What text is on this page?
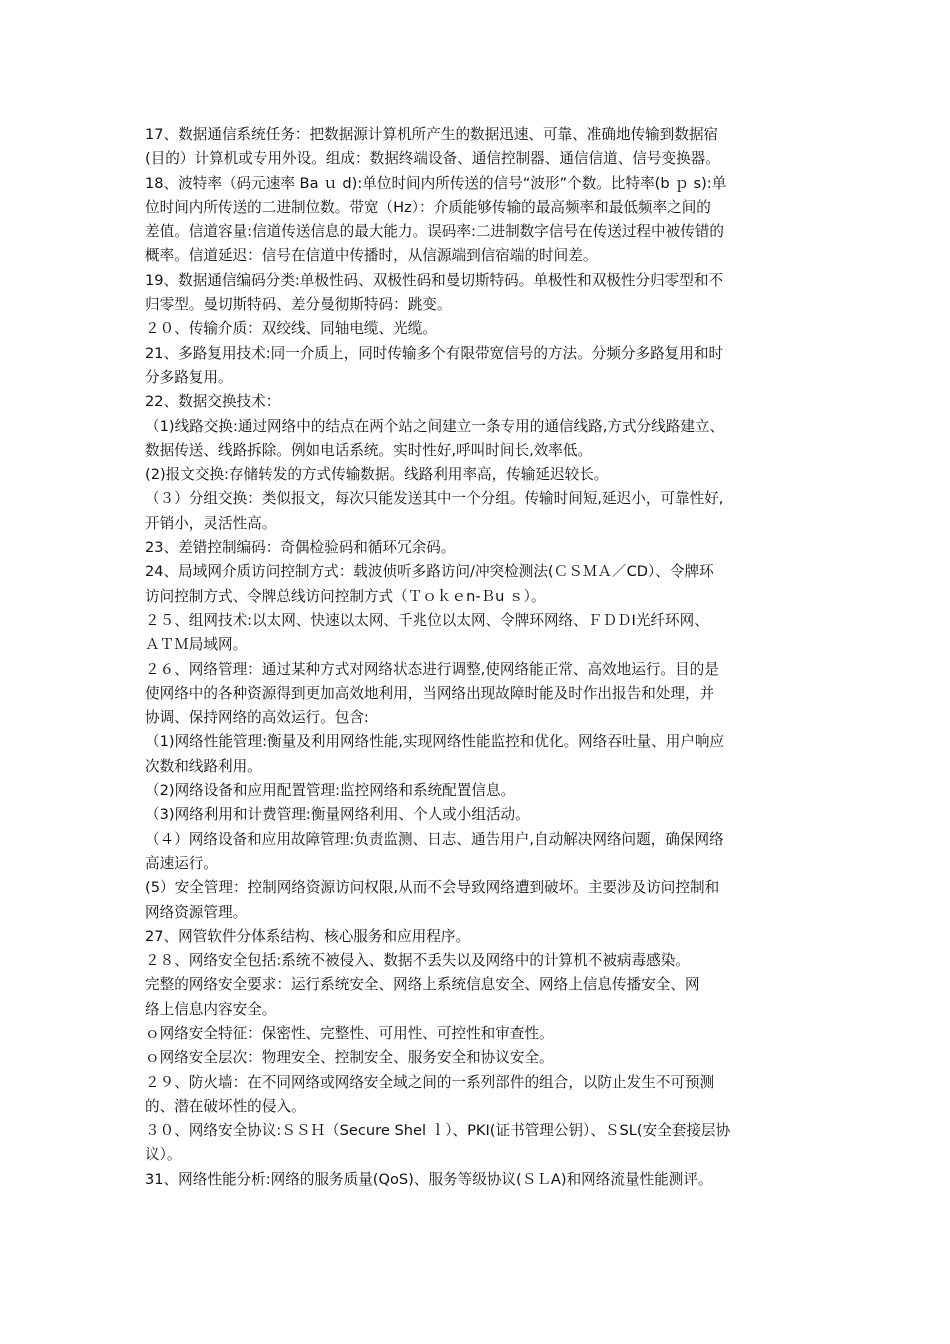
17、数据通信系统任务：把数据源计算机所产生的数据迅速、可靠、准确地传输到数据宿
(目的）计算机或专用外设。组成：数据终端设备、通信控制器、通信信道、信号变换器。
18、波特率（码元速率 Ba ｕ d):单位时间内所传送的信号“波形”个数。比特率(b ｐ s):单
位时间内所传送的二进制位数。带宽（Hz）：介质能够传输的最高频率和最低频率之间的
差值。信道容量:信道传送信息的最大能力。误码率:二进制数字信号在传送过程中被传错的
概率。信道延迟：信号在信道中传播时，从信源端到信宿端的时间差。
19、数据通信编码分类:单极性码、双极性码和曼切斯特码。单极性和双极性分归零型和不
归零型。曼切斯特码、差分曼彻斯特码：跳变。
２０、传输介质：双绞线、同轴电缆、光缆。
21、多路复用技术:同一介质上，同时传输多个有限带宽信号的方法。分频分多路复用和时
分多路复用。
22、数据交换技术：
（1)线路交换:通过网络中的结点在两个站之间建立一条专用的通信线路,方式分线路建立、
数据传送、线路拆除。例如电话系统。实时性好,呼叫时间长,效率低。
(2)报文交换:存储转发的方式传输数据。线路利用率高，传输延迟较长。
（３）分组交换：类似报文，每次只能发送其中一个分组。传输时间短,延迟小，可靠性好,
开销小，灵活性高。
23、差错控制编码：奇偶检验码和循环冗余码。
24、局域网介质访问控制方式：载波侦听多路访问/冲突检测法(ＣＳＭＡ／CD）、令牌环
访问控制方式、令牌总线访问控制方式（Ｔｏｋｅn-Ｂu ｓ）。
２５、组网技术:以太网、快速以太网、千兆位以太网、令牌环网络、ＦＤＤI光纤环网、
ＡＴＭ局域网。
２６、网络管理：通过某种方式对网络状态进行调整,使网络能正常、高效地运行。目的是
使网络中的各种资源得到更加高效地利用，当网络出现故障时能及时作出报告和处理，并
协调、保持网络的高效运行。包含:
（1)网络性能管理:衡量及利用网络性能,实现网络性能监控和优化。网络吞吐量、用户响应
次数和线路利用。
（2)网络设备和应用配置管理:监控网络和系统配置信息。
（3)网络利用和计费管理:衡量网络利用、个人或小组活动。
（４）网络设备和应用故障管理:负责监测、日志、通告用户,自动解决网络问题，确保网络
高速运行。
(5）安全管理：控制网络资源访问权限,从而不会导致网络遭到破坏。主要涉及访问控制和
网络资源管理。
27、网管软件分体系结构、核心服务和应用程序。
２８、网络安全包括:系统不被侵入、数据不丢失以及网络中的计算机不被病毒感染。
完整的网络安全要求：运行系统安全、网络上系统信息安全、网络上信息传播安全、网
络上信息内容安全。
ｏ网络安全特征：保密性、完整性、可用性、可控性和审查性。
ｏ网络安全层次：物理安全、控制安全、服务安全和协议安全。
２９、防火墙：在不同网络或网络安全域之间的一系列部件的组合，以防止发生不可预测
的、潜在破坏性的侵入。
３０、网络安全协议:ＳＳＨ（Secure Shel ｌ）、PKI(证书管理公钥）、ＳSL(安全套接层协
议）。
31、网络性能分析:网络的服务质量(QoS)、服务等级协议(ＳＬA)和网络流量性能测评。
